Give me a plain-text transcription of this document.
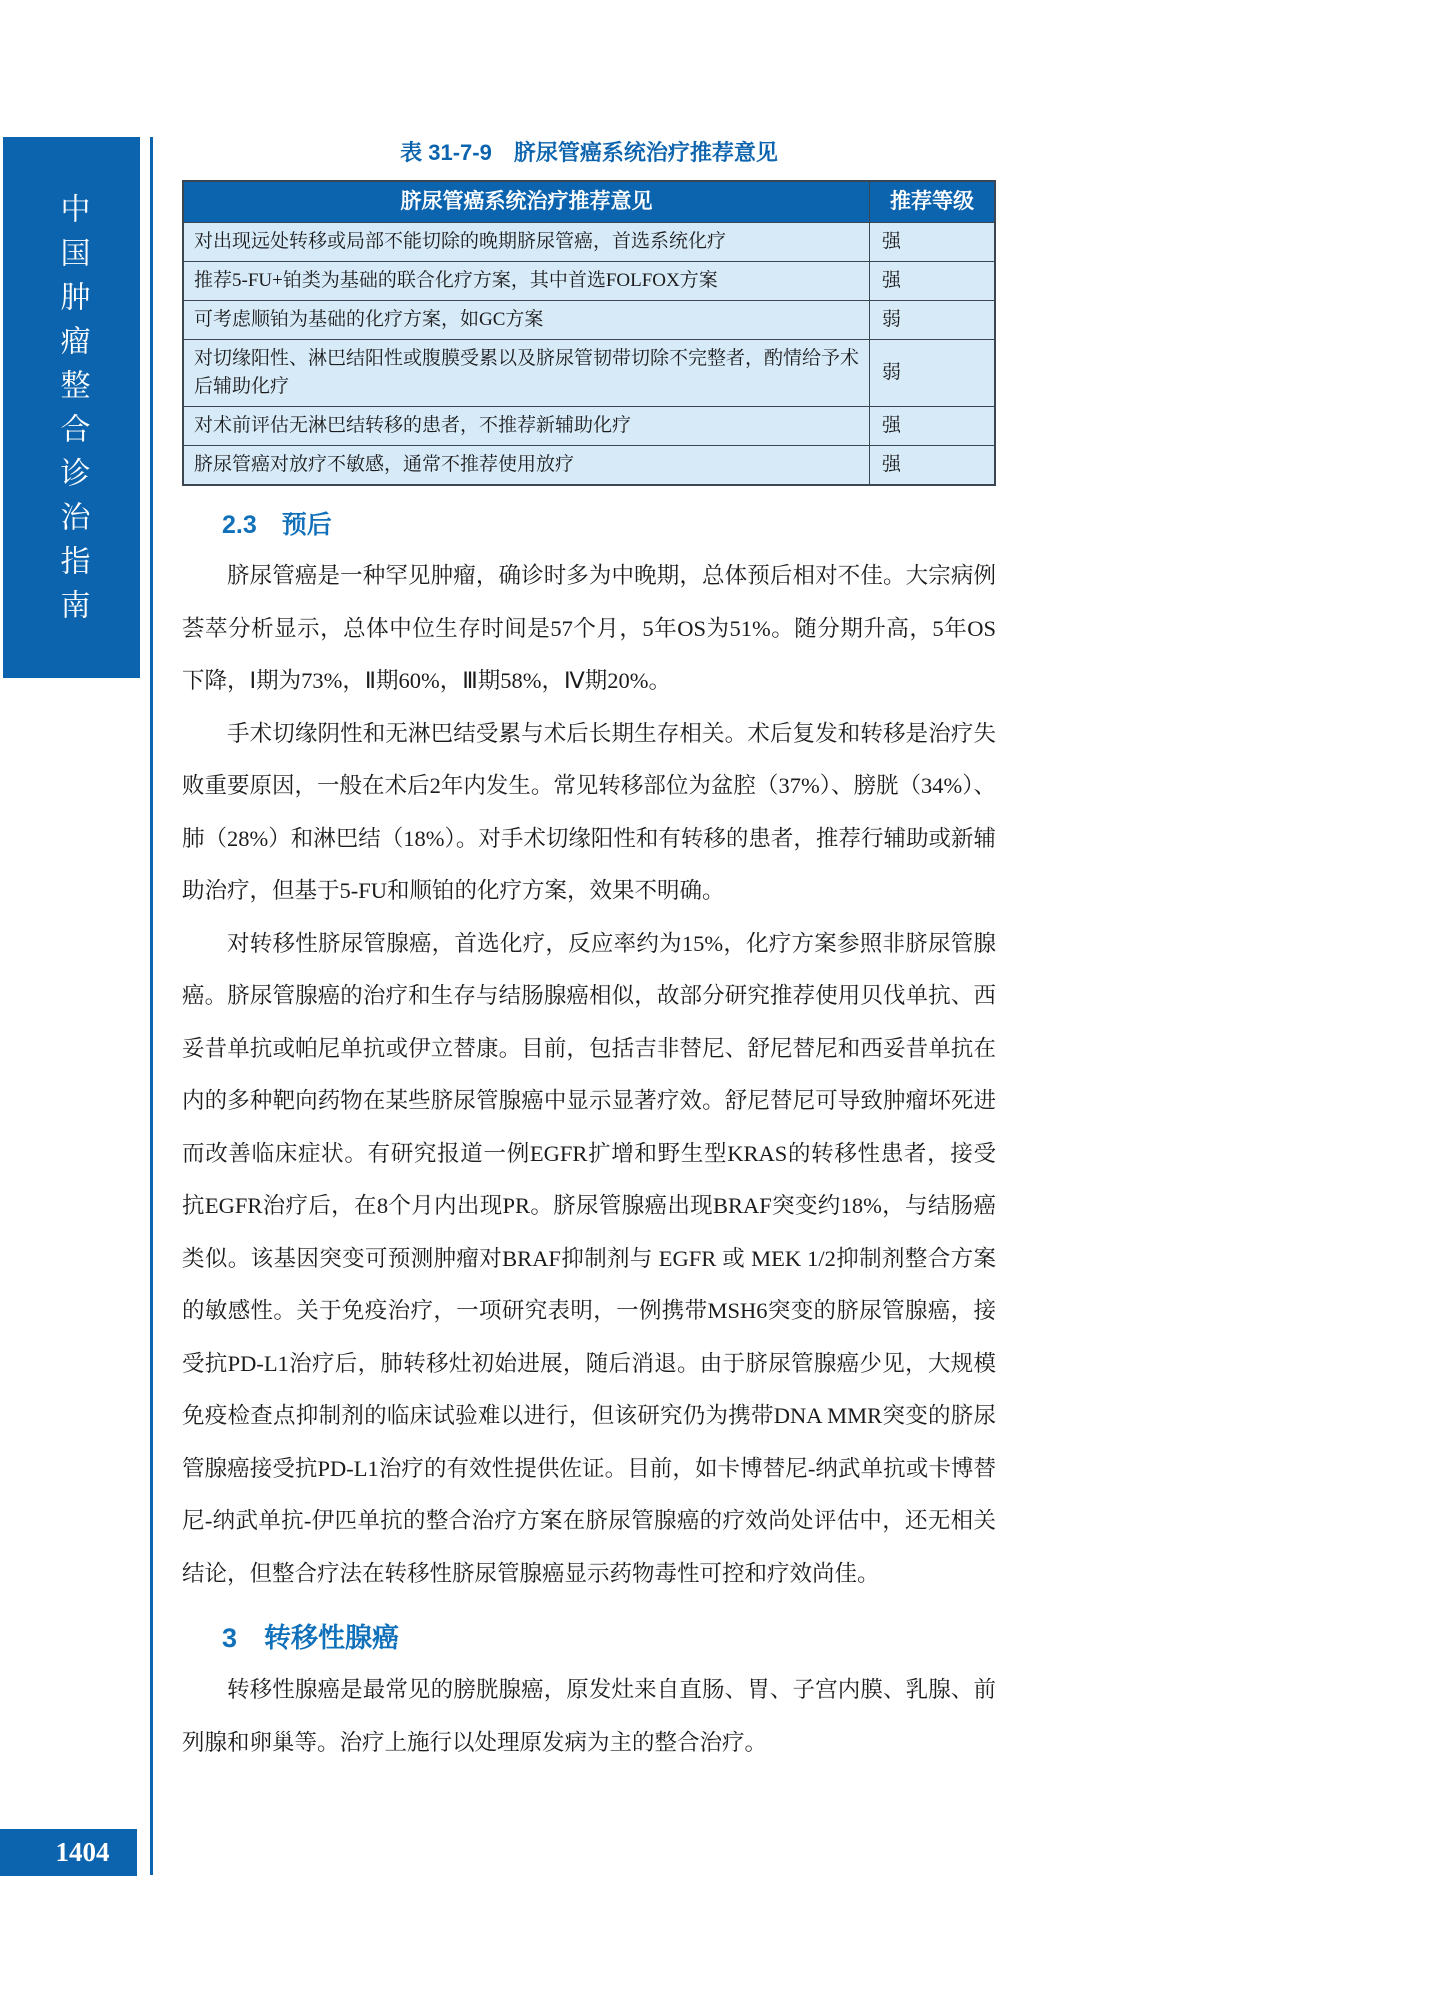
中国肿瘤整合诊治指南
1404
表 31-7-9　脐尿管癌系统治疗推荐意见
脐尿管癌系统治疗推荐意见	推荐等级
对出现远处转移或局部不能切除的晚期脐尿管癌，首选系统化疗	强
推荐5-FU+铂类为基础的联合化疗方案，其中首选FOLFOX方案	强
可考虑顺铂为基础的化疗方案，如GC方案	弱
对切缘阳性、淋巴结阳性或腹膜受累以及脐尿管韧带切除不完整者，酌情给予术后辅助化疗	弱
对术前评估无淋巴结转移的患者，不推荐新辅助化疗	强
脐尿管癌对放疗不敏感，通常不推荐使用放疗	强
2.3　预后

脐尿管癌是一种罕见肿瘤，确诊时多为中晚期，总体预后相对不佳。大宗病例荟萃分析显示，总体中位生存时间是57个月，5年OS为51%。随分期升高，5年OS下降，Ⅰ期为73%，Ⅱ期60%，Ⅲ期58%，Ⅳ期20%。

手术切缘阴性和无淋巴结受累与术后长期生存相关。术后复发和转移是治疗失败重要原因，一般在术后2年内发生。常见转移部位为盆腔（37%）、膀胱（34%）、肺（28%）和淋巴结（18%）。对手术切缘阳性和有转移的患者，推荐行辅助或新辅助治疗，但基于5-FU和顺铂的化疗方案，效果不明确。

对转移性脐尿管腺癌，首选化疗，反应率约为15%，化疗方案参照非脐尿管腺癌。脐尿管腺癌的治疗和生存与结肠腺癌相似，故部分研究推荐使用贝伐单抗、西妥昔单抗或帕尼单抗或伊立替康。目前，包括吉非替尼、舒尼替尼和西妥昔单抗在内的多种靶向药物在某些脐尿管腺癌中显示显著疗效。舒尼替尼可导致肿瘤坏死进而改善临床症状。有研究报道一例EGFR扩增和野生型KRAS的转移性患者，接受抗EGFR治疗后，在8个月内出现PR。脐尿管腺癌出现BRAF突变约18%，与结肠癌类似。该基因突变可预测肿瘤对BRAF抑制剂与 EGFR 或 MEK 1/2抑制剂整合方案的敏感性。关于免疫治疗，一项研究表明，一例携带MSH6突变的脐尿管腺癌，接受抗PD-L1治疗后，肺转移灶初始进展，随后消退。由于脐尿管腺癌少见，大规模免疫检查点抑制剂的临床试验难以进行，但该研究仍为携带DNA MMR突变的脐尿管腺癌接受抗PD-L1治疗的有效性提供佐证。目前，如卡博替尼-纳武单抗或卡博替尼-纳武单抗-伊匹单抗的整合治疗方案在脐尿管腺癌的疗效尚处评估中，还无相关结论，但整合疗法在转移性脐尿管腺癌显示药物毒性可控和疗效尚佳。

3　转移性腺癌

转移性腺癌是最常见的膀胱腺癌，原发灶来自直肠、胃、子宫内膜、乳腺、前列腺和卵巢等。治疗上施行以处理原发病为主的整合治疗。
